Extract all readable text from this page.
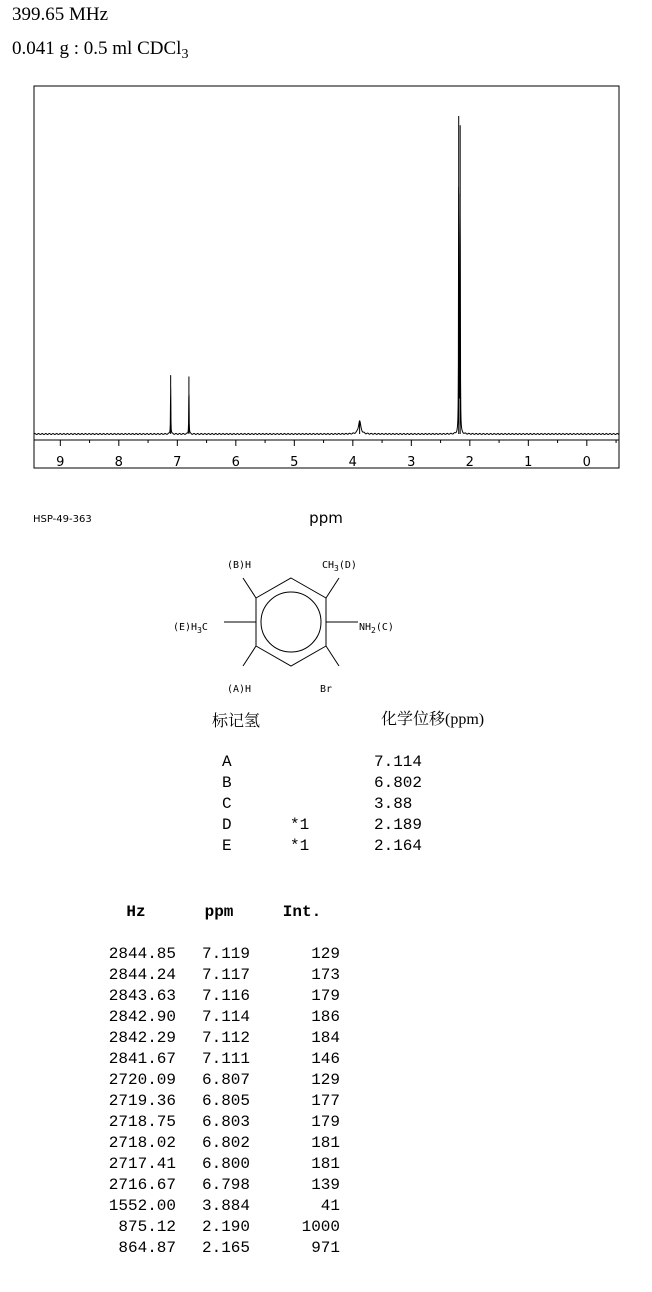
399.65 MHz
0.041 g : 0.5 ml CDCl$_3$
9	8	7	6	5	4	3	2	1	0
ppm
HSP-49-363
(B)H	$CH_3(D)$
$(E)H_3C$	$NH_2(C)$
(A)H	Br
标记氢	化学位移(ppm)
A		7.114
B		6.802
C		3.88
D	*1	2.189
E	*1	2.164
Hz	ppm	Int.

2844.85	7.119	129
2844.24	7.117	173
2843.63	7.116	179
2842.90	7.114	186
2842.29	7.112	184
2841.67	7.111	146
2720.09	6.807	129
2719.36	6.805	177
2718.75	6.803	179
2718.02	6.802	181
2717.41	6.800	181
2716.67	6.798	139
1552.00	3.884	41
875.12	2.190	1000
864.87	2.165	971
